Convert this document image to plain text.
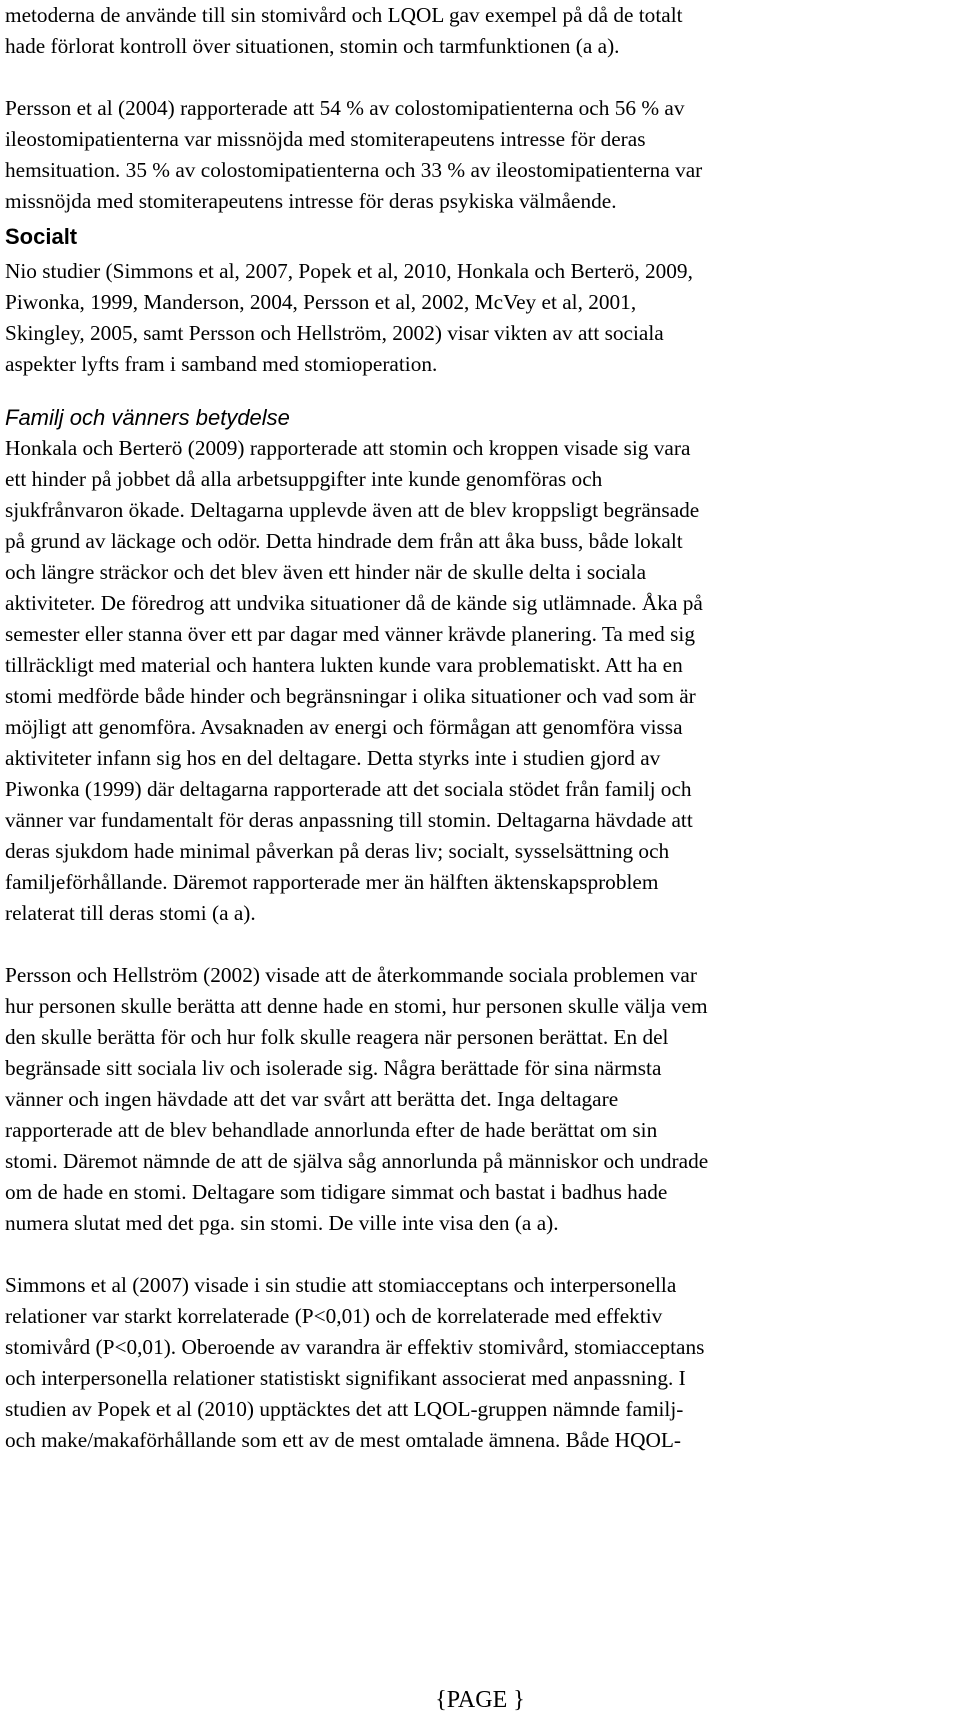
metoderna de använde till sin stomivård och LQOL gav exempel på då de totalt
hade förlorat kontroll över situationen, stomin och tarmfunktionen (a a).
Persson et al (2004) rapporterade att 54 % av colostomipatienterna och 56 % av
ileostomipatienterna var missnöjda med stomiterapeutens intresse för deras
hemsituation. 35 % av colostomipatienterna och 33 % av ileostomipatienterna var
missnöjda med stomiterapeutens intresse för deras psykiska välmående.
Socialt
Nio studier (Simmons et al, 2007, Popek et al, 2010, Honkala och Berterö, 2009,
Piwonka, 1999, Manderson, 2004, Persson et al, 2002, McVey et al, 2001,
Skingley, 2005, samt Persson och Hellström, 2002) visar vikten av att sociala
aspekter lyfts fram i samband med stomioperation.
Familj och vänners betydelse
Honkala och Berterö (2009) rapporterade att stomin och kroppen visade sig vara
ett hinder på jobbet då alla arbetsuppgifter inte kunde genomföras och
sjukfrånvaron ökade. Deltagarna upplevde även att de blev kroppsligt begränsade
på grund av läckage och odör. Detta hindrade dem från att åka buss, både lokalt
och längre sträckor och det blev även ett hinder när de skulle delta i sociala
aktiviteter. De föredrog att undvika situationer då de kände sig utlämnade. Åka på
semester eller stanna över ett par dagar med vänner krävde planering. Ta med sig
tillräckligt med material och hantera lukten kunde vara problematiskt. Att ha en
stomi medförde både hinder och begränsningar i olika situationer och vad som är
möjligt att genomföra. Avsaknaden av energi och förmågan att genomföra vissa
aktiviteter infann sig hos en del deltagare. Detta styrks inte i studien gjord av
Piwonka (1999) där deltagarna rapporterade att det sociala stödet från familj och
vänner var fundamentalt för deras anpassning till stomin. Deltagarna hävdade att
deras sjukdom hade minimal påverkan på deras liv; socialt, sysselsättning och
familjeförhållande. Däremot rapporterade mer än hälften äktenskapsproblem
relaterat till deras stomi (a a).
Persson och Hellström (2002) visade att de återkommande sociala problemen var
hur personen skulle berätta att denne hade en stomi, hur personen skulle välja vem
den skulle berätta för och hur folk skulle reagera när personen berättat. En del
begränsade sitt sociala liv och isolerade sig. Några berättade för sina närmsta
vänner och ingen hävdade att det var svårt att berätta det. Inga deltagare
rapporterade att de blev behandlade annorlunda efter de hade berättat om sin
stomi. Däremot nämnde de att de själva såg annorlunda på människor och undrade
om de hade en stomi. Deltagare som tidigare simmat och bastat i badhus hade
numera slutat med det pga. sin stomi. De ville inte visa den (a a).
Simmons et al (2007) visade i sin studie att stomiacceptans och interpersonella
relationer var starkt korrelaterade (P<0,01) och de korrelaterade med effektiv
stomivård (P<0,01). Oberoende av varandra är effektiv stomivård, stomiacceptans
och interpersonella relationer statistiskt signifikant associerat med anpassning. I
studien av Popek et al (2010) upptäcktes det att LQOL-gruppen nämnde familj-
och make/makaförhållande som ett av de mest omtalade ämnena. Både HQOL-
{PAGE }
